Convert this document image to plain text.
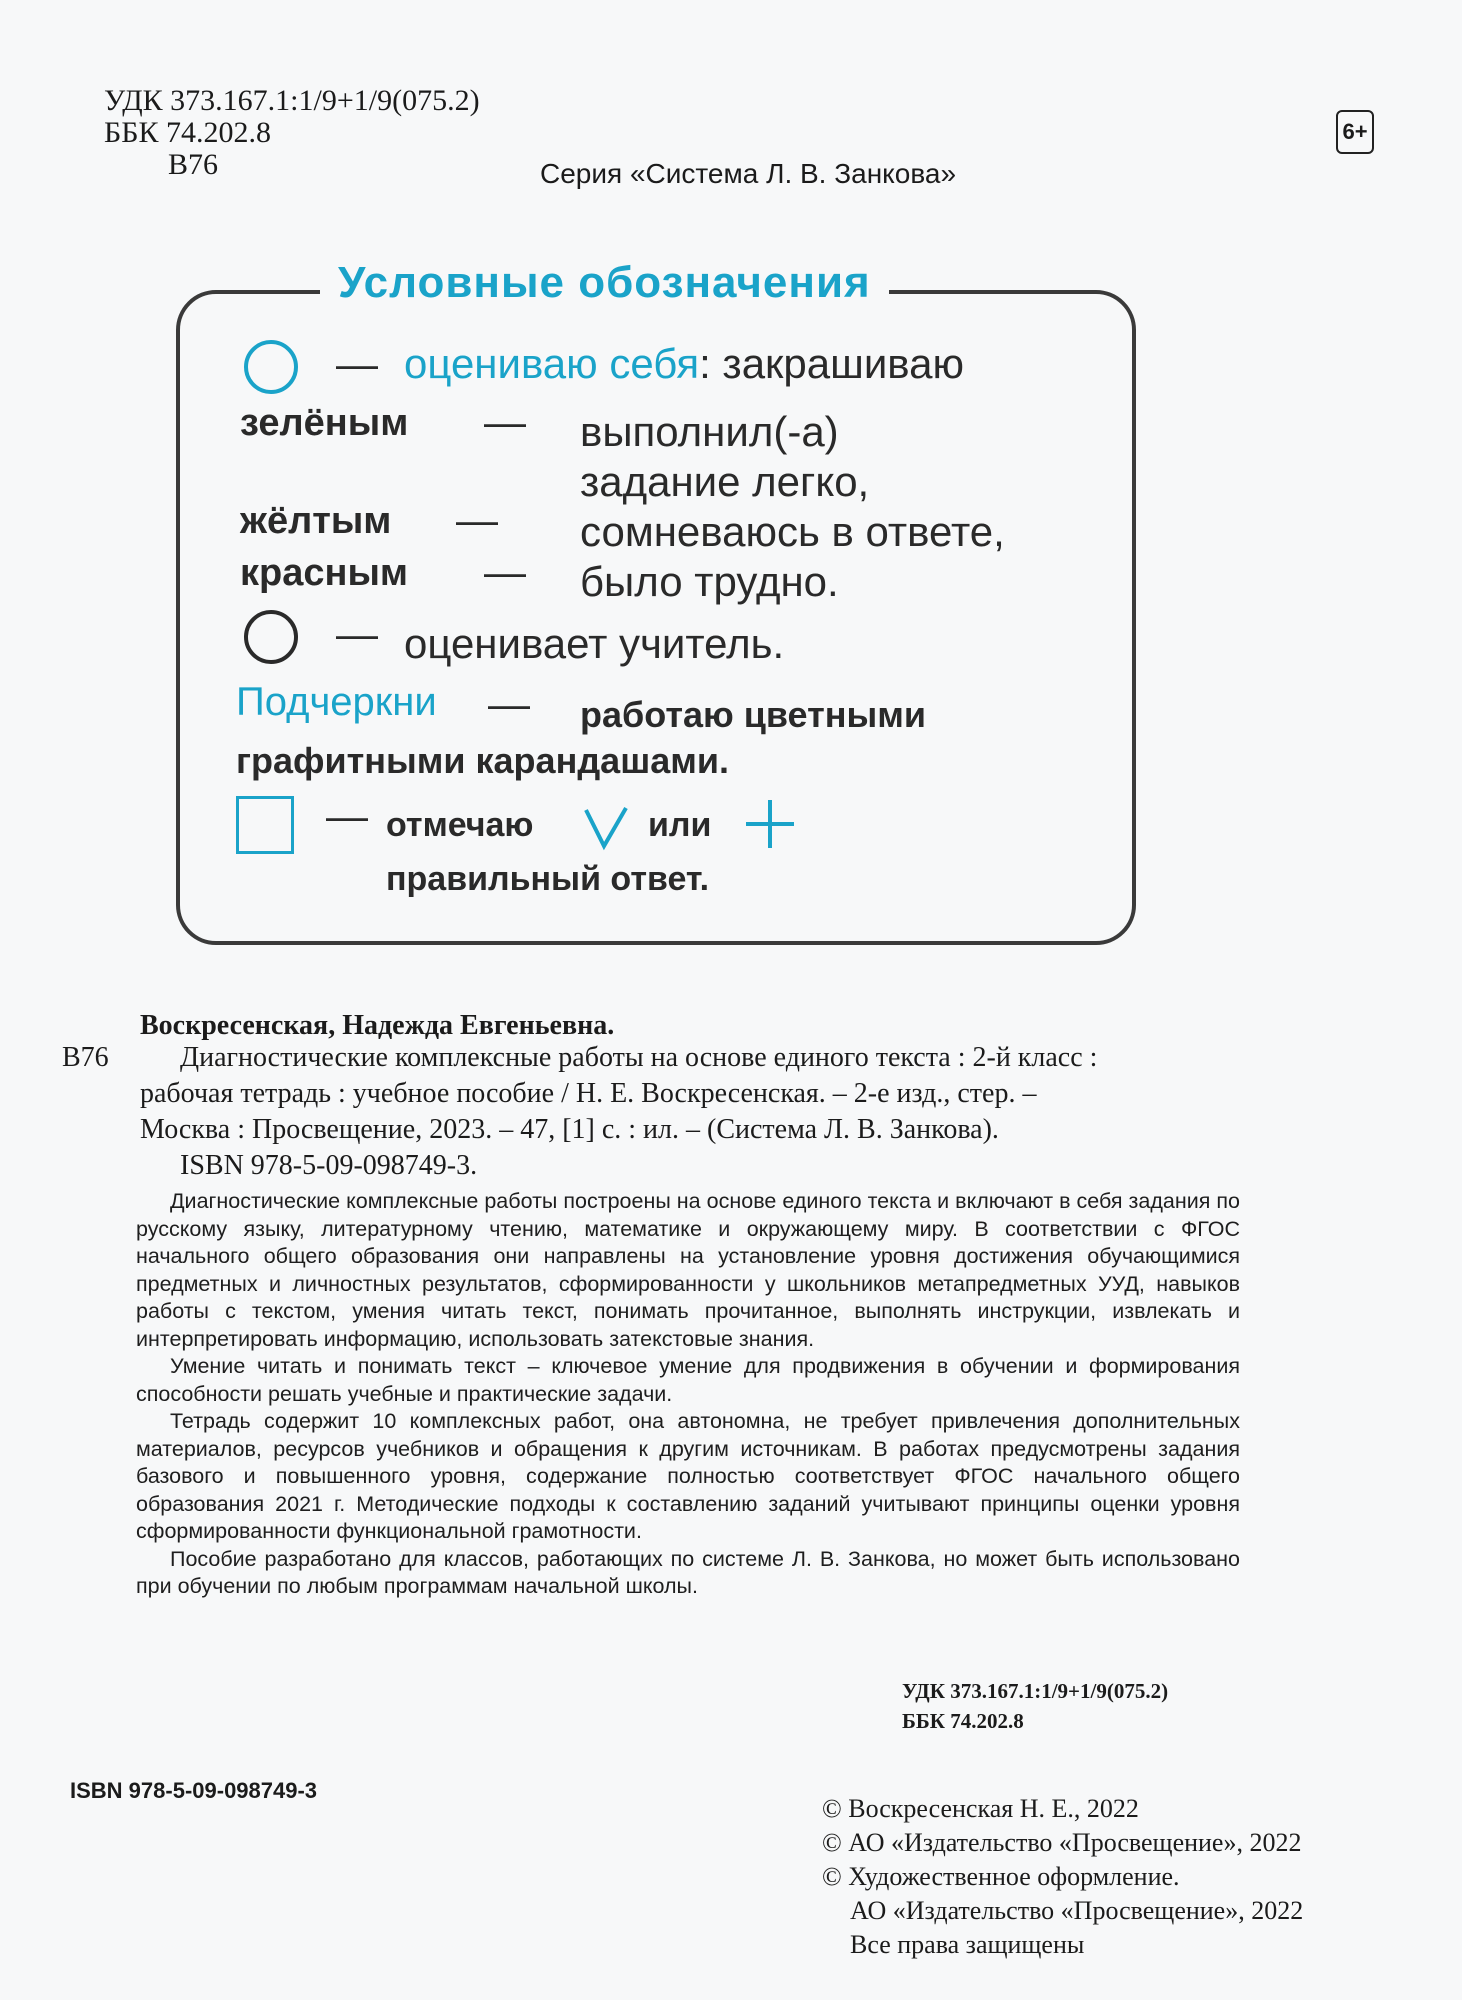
УДК 373.167.1:1/9+1/9(075.2)
ББК 74.202.8
В76	Серия «Система Л. В. Занкова»
6+
Условные обозначения
— оцениваю себя: закрашиваю
зелёным — выполнил(-а)
задание легко,
жёлтым — сомневаюсь в ответе,
красным — было трудно.
— оценивает учитель.
Подчеркни — работаю цветными
графитными карандашами.
— отмечаю	или
правильный ответ.
Воскресенская, Надежда Евгеньевна.
В76	Диагностические комплексные работы на основе единого текста : 2-й класс :
рабочая тетрадь : учебное пособие / Н. Е. Воскресенская. – 2-е изд., стер. –
Москва : Просвещение, 2023. – 47, [1] с. : ил. – (Система Л. В. Занкова).
ISBN 978-5-09-098749-3.

Диагностические комплексные работы построены на основе единого текста и включают в себя задания по русскому языку, литературному чтению, математике и окружающему миру. В соответствии с ФГОС начального общего образования они направлены на установление уровня достижения обучающимися предметных и личностных результатов, сформированности у школьников метапредметных УУД, навыков работы с текстом, умения читать текст, понимать прочитанное, выполнять инструкции, извлекать и интерпретировать информацию, использовать затекстовые знания.

Умение читать и понимать текст – ключевое умение для продвижения в обучении и формирования способности решать учебные и практические задачи.

Тетрадь содержит 10 комплексных работ, она автономна, не требует привлечения дополнительных материалов, ресурсов учебников и обращения к другим источникам. В работах предусмотрены задания базового и повышенного уровня, содержание полностью соответствует ФГОС начального общего образования 2021 г. Методические подходы к составлению заданий учитывают принципы оценки уровня сформированности функциональной грамотности.

Пособие разработано для классов, работающих по системе Л. В. Занкова, но может быть использовано при обучении по любым программам начальной школы.

УДК 373.167.1:1/9+1/9(075.2)
ББК 74.202.8
ISBN 978-5-09-098749-3
© Воскресенская Н. Е., 2022
© АО «Издательство «Просвещение», 2022
© Художественное оформление.
АО «Издательство «Просвещение», 2022
Все права защищены
